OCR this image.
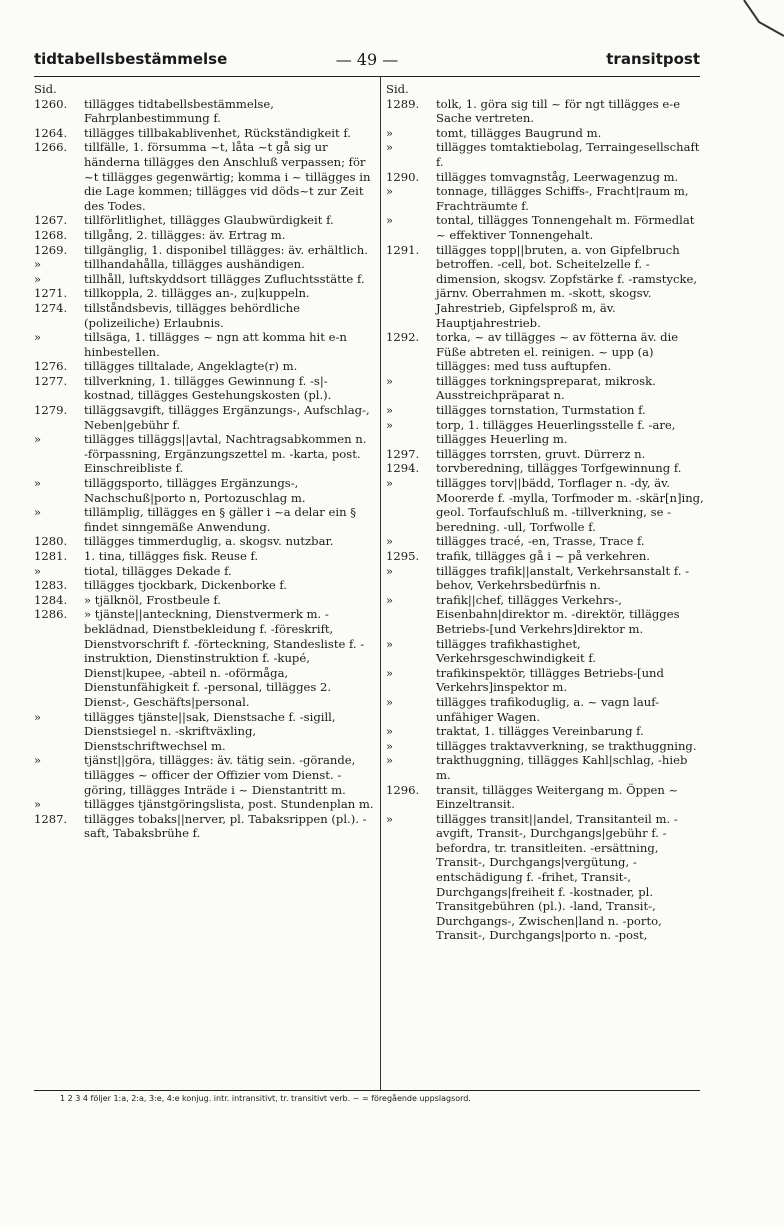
— 49 —
tidtabellsbestämmelse	transitpost
Sid.
1260.	tillägges tidtabellsbestämmelse, Fahrplanbestimmung f.
1264.	tillägges tillbakablivenhet, Rückständigkeit f.
1266.	tillfälle, 1. försumma ~t, låta ~t gå sig ur händerna tillägges den Anschluß verpassen; för ~t tillägges gegenwärtig; komma i ~ tillägges in die Lage kommen; tillägges vid döds~t zur Zeit des Todes.
1267.	tillförlitlighet, tillägges Glaubwürdigkeit f.
1268.	tillgång, 2. tillägges: äv. Ertrag m.
1269.	tillgänglig, 1. disponibel tillägges: äv. erhältlich.
»	tillhandahålla, tillägges aushändigen.
»	tillhåll, luftskyddsort tillägges Zufluchtsstätte f.
1271.	tillkoppla, 2. tillägges an-, zu|kuppeln.
1274.	tillståndsbevis, tillägges behördliche (polizeiliche) Erlaubnis.
»	tillsäga, 1. tillägges ~ ngn att komma hit e-n hinbestellen.
1276.	tillägges tilltalade, Angeklagte(r) m.
1277.	tillverkning, 1. tillägges Gewinnung f. -s|-kostnad, tillägges Gestehungskosten (pl.).
1279.	tilläggsavgift, tillägges Ergänzungs-, Aufschlag-, Neben|gebühr f.
»	tillägges tilläggs||avtal, Nachtragsabkommen n. -förpassning, Ergänzungszettel m. -karta, post. Einschreibliste f.
»	tilläggsporto, tillägges Ergänzungs-, Nachschuß|porto n, Portozuschlag m.
»	tillämplig, tillägges en § gäller i ~a delar ein § findet sinngemäße Anwendung.
1280.	tillägges timmerduglig, a. skogsv. nutzbar.
1281.	1. tina, tillägges fisk. Reuse f.
»	tiotal, tillägges Dekade f.
1283.	tillägges tjockbark, Dickenborke f.
1284.	» tjälknöl, Frostbeule f.
1286.	» tjänste||anteckning, Dienstvermerk m. -beklädnad, Dienstbekleidung f. -föreskrift, Dienstvorschrift f. -förteckning, Standesliste f. -instruktion, Dienstinstruktion f. -kupé, Dienst|kupee, -abteil n. -oförmåga, Dienstunfähigkeit f. -personal, tillägges 2. Dienst-, Geschäfts|personal.
»	tillägges tjänste||sak, Dienstsache f. -sigill, Dienstsiegel n. -skriftväxling, Dienstschriftwechsel m.
»	tjänst||göra, tillägges: äv. tätig sein. -görande, tillägges ~ officer der Offizier vom Dienst. -göring, tillägges Inträde i ~ Dienstantritt m.
»	tillägges tjänstgöringslista, post. Stundenplan m.
1287.	tillägges tobaks||nerver, pl. Tabaksrippen (pl.). -saft, Tabaksbrühe f.
Sid.
1289.	tolk, 1. göra sig till ~ för ngt tillägges e-e Sache vertreten.
»	tomt, tillägges Baugrund m.
»	tillägges tomtaktiebolag, Terraingesellschaft f.
1290.	tillägges tomvagnståg, Leerwagenzug m.
»	tonnage, tillägges Schiffs-, Fracht|raum m, Frachträumte f.
»	tontal, tillägges Tonnengehalt m. Förmedlat ~ effektiver Tonnengehalt.
1291.	tillägges topp||bruten, a. von Gipfelbruch betroffen. -cell, bot. Scheitelzelle f. -dimension, skogsv. Zopfstärke f. -ramstycke, järnv. Oberrahmen m. -skott, skogsv. Jahrestrieb, Gipfelsproß m, äv. Hauptjahrestrieb.
1292.	torka, ~ av tillägges ~ av fötterna äv. die Füße abtreten el. reinigen. ~ upp (a) tillägges: med tuss auftupfen.
»	tillägges torkningspreparat, mikrosk. Ausstreichpräparat n.
»	tillägges tornstation, Turmstation f.
»	torp, 1. tillägges Heuerlingsstelle f. -are, tillägges Heuerling m.
1297.	tillägges torrsten, gruvt. Dürrerz n.
1294.	torvberedning, tillägges Torfgewinnung f.
»	tillägges torv||bädd, Torflager n. -dy, äv. Moorerde f. -mylla, Torfmoder m. -skär[n]ing, geol. Torfaufschluß m. -tillverkning, se -beredning. -ull, Torfwolle f.
»	tillägges tracé, -en, Trasse, Trace f.
1295.	trafik, tillägges gå i ~ på verkehren.
»	tillägges trafik||anstalt, Verkehrsanstalt f. -behov, Verkehrsbedürfnis n.
»	trafik||chef, tillägges Verkehrs-, Eisenbahn|direktor m. -direktör, tillägges Betriebs-[und Verkehrs]direktor m.
»	tillägges trafikhastighet, Verkehrsgeschwindigkeit f.
»	trafikinspektör, tillägges Betriebs-[und Verkehrs]inspektor m.
»	tillägges trafikoduglig, a. ~ vagn lauf-unfähiger Wagen.
»	traktat, 1. tillägges Vereinbarung f.
»	tillägges traktavverkning, se trakthuggning.
»	trakthuggning, tillägges Kahl|schlag, -hieb m.
1296.	transit, tillägges Weitergang m. Öppen ~ Einzeltransit.
»	tillägges transit||andel, Transitanteil m. -avgift, Transit-, Durchgangs|gebühr f. -befordra, tr. transitleiten. -ersättning, Transit-, Durchgangs|vergütung, -entschädigung f. -frihet, Transit-, Durchgangs|freiheit f. -kostnader, pl. Transitgebühren (pl.). -land, Transit-, Durchgangs-, Zwischen|land n. -porto, Transit-, Durchgangs|porto n. -post,
1 2 3 4 följer 1:a, 2:a, 3:e, 4:e konjug. intr. intransitivt, tr. transitivt verb. ~ = föregående uppslagsord.
